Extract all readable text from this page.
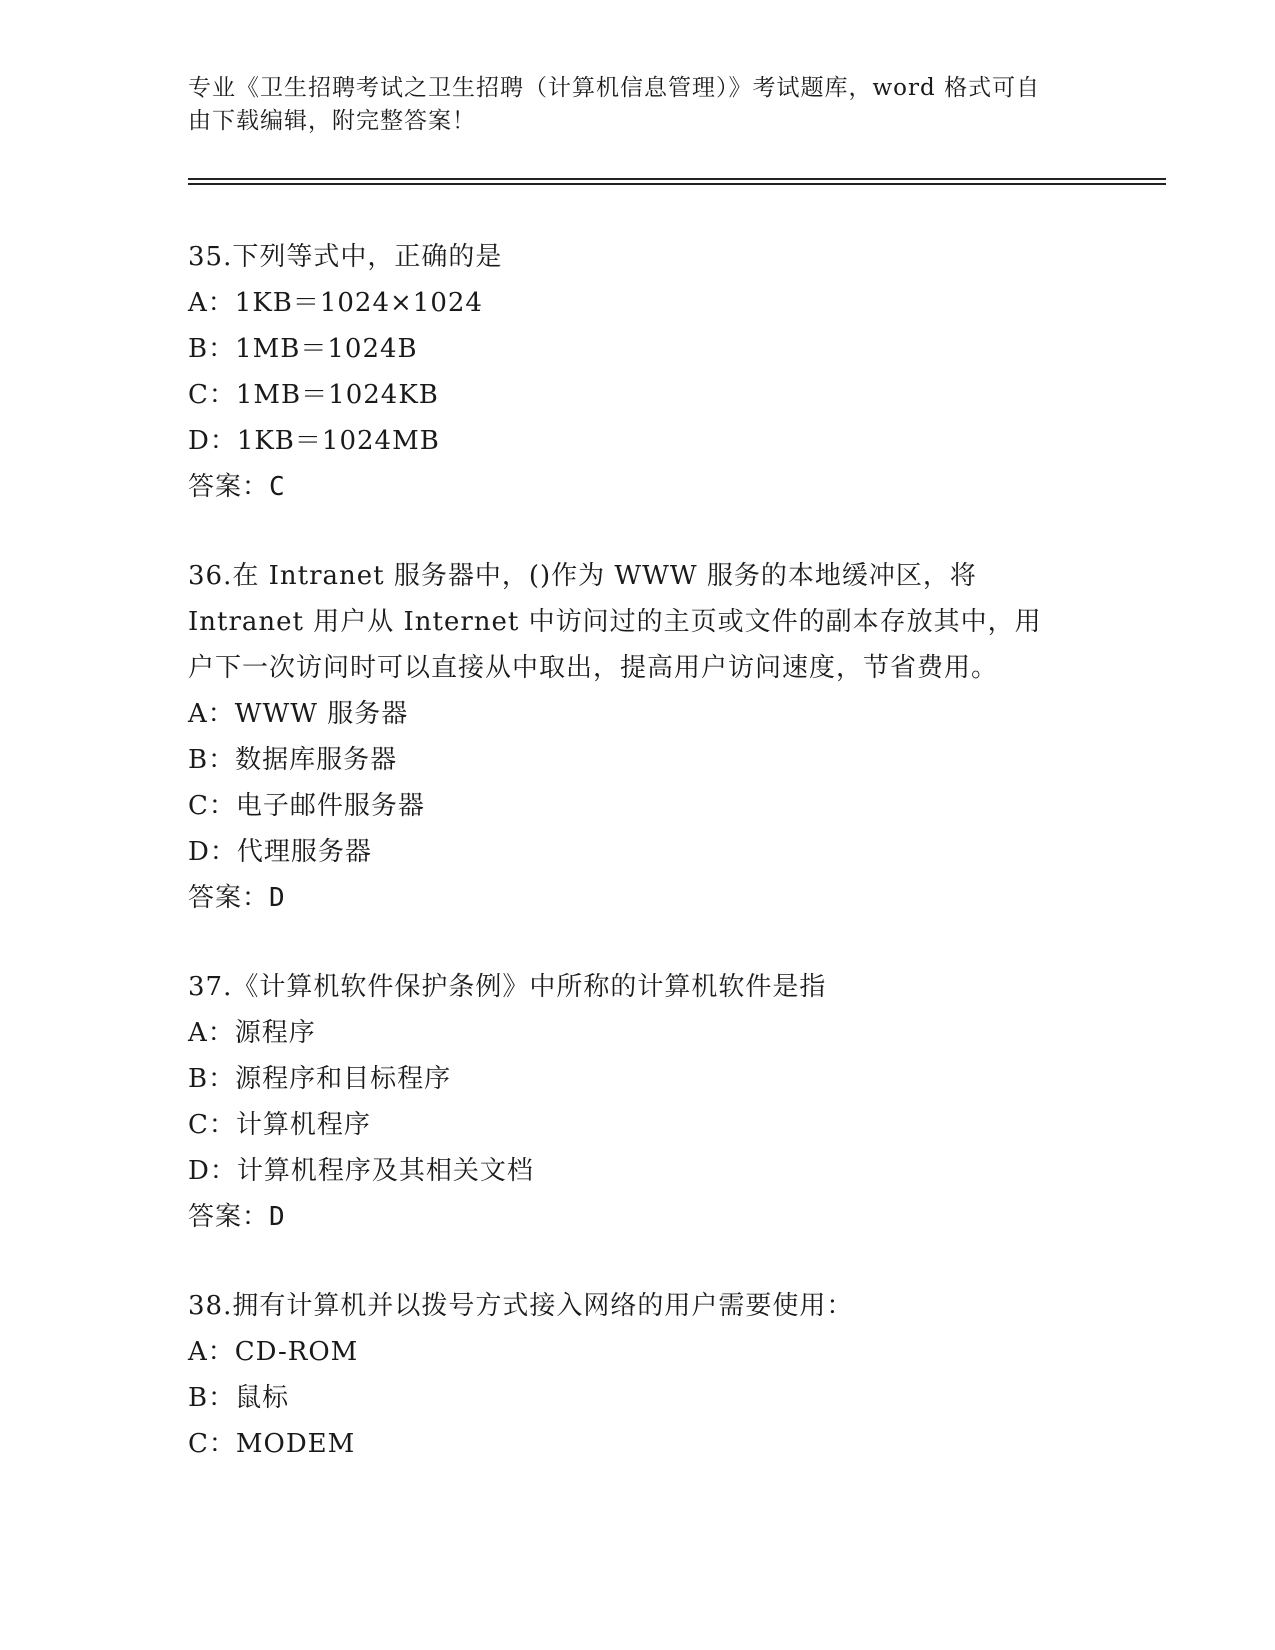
专业《卫生招聘考试之卫生招聘（计算机信息管理）》考试题库，word 格式可自
由下载编辑，附完整答案！
35.下列等式中，正确的是
A：1KB＝1024×1024
B：1MB＝1024B
C：1MB＝1024KB
D：1KB＝1024MB
答案：C
36.在 Intranet 服务器中，()作为 WWW 服务的本地缓冲区，将
Intranet 用户从 Internet 中访问过的主页或文件的副本存放其中，用
户下一次访问时可以直接从中取出，提高用户访问速度，节省费用。
A：WWW 服务器
B：数据库服务器
C：电子邮件服务器
D：代理服务器
答案：D
37.《计算机软件保护条例》中所称的计算机软件是指
A：源程序
B：源程序和目标程序
C：计算机程序
D：计算机程序及其相关文档
答案：D
38.拥有计算机并以拨号方式接入网络的用户需要使用：
A：CD-ROM
B：鼠标
C：MODEM
